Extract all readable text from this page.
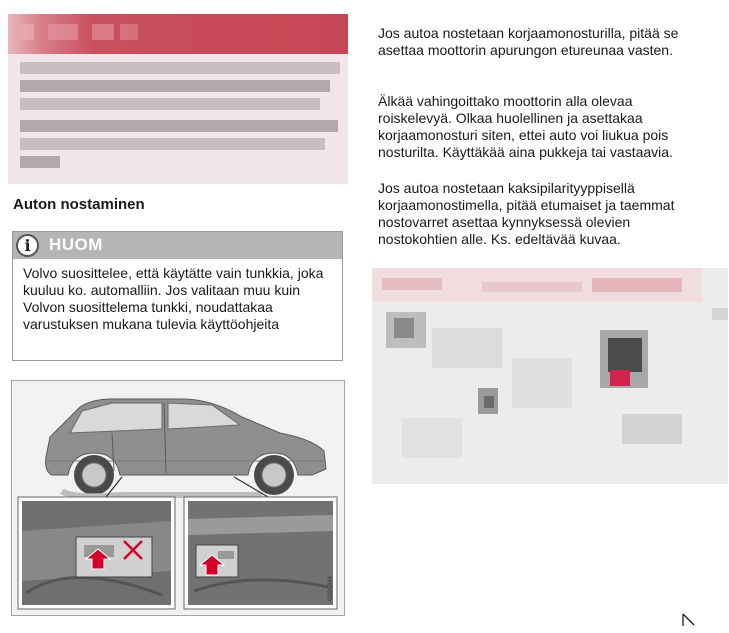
Auton nostaminen
i	HUOM
Volvo suosittelee, että käytätte vain tunkkia, joka kuuluu ko. automalliin. Jos valitaan muu kuin Volvon suosittelema tunkki, noudattakaa varustuksen mukana tulevia käyttöohjeita
G026848
Jos autoa nostetaan korjaamonosturilla, pitää se asettaa moottorin apurungon etureunaa vasten.
Älkää vahingoittako moottorin alla olevaa roiskelevyä. Olkaa huolellinen ja asettakaa korjaamonosturi siten, ettei auto voi liukua pois nosturilta. Käyttäkää aina pukkeja tai vastaavia.
Jos autoa nostetaan kaksipilarityyppisellä korjaamonostimella, pitää etumaiset ja taemmat nostovarret asettaa kynnyksessä olevien nostokohtien alle. Ks. edeltävää kuvaa.
